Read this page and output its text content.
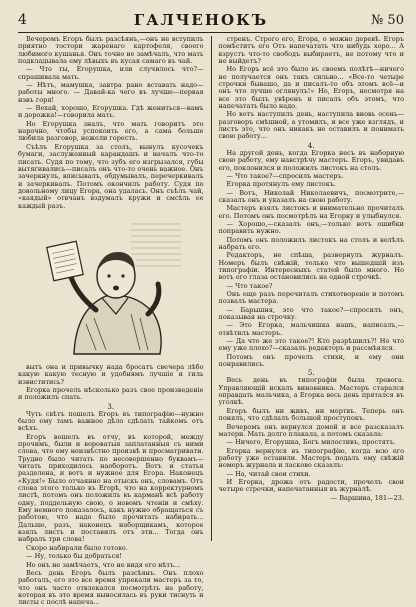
4	ГАЛЧЕНОКЪ	№ 50

Вечеромъ Егоръ былъ разсѣянъ,—онъ не вступилъ приятно тостори жаренаго картофеля, своего любимого кушанья. Онъ точно не замѣчалъ, что мать подкладывала ему лѣвыхъ въ кусая самаго въ чай.

— Что ты, Егорушка, или случилось что?—спрашивала мать.

— Нѣтъ, мамушка, завтра рано вставать надо—работы много. — Давай-ка чего въ лучше—первая нэвъ горя!

— Вехай, хорошо, Егорушка. Гдѣ жениться—вамъ и дорожка!—говорила мать.

Но Егорушка зналъ, что мать говоритъ это нарочно, чтобы успокоить его, а сама больше любила разговор, нежели горесть.

Съѣлъ Егорушка за столъ, вынулъ кусочекъ бумаги, заслуженный карандашъ и началъ что-то писать. Судя по тому, что зубъ его изгрызался, губы вытягивались—писалъ онъ что-то очень важное. Онъ зачеркнулъ, вписывалъ, обдумывалъ, перечеркивалъ и зачеркивалъ. Потомъ окончилъ работу. Судя по довольному лицу Егора, она удалась. Онъ съѣлъ чaй, «каядый» отвчанъ вздумалъ кружи и смсѣль ее каждый разъ.

вытъ она и привычку нада бросатъ свечера лѣбо какую какую тесную и удобнямъ лучшіе и гиль извиститись?

Егорка прочелъ нѣсколько разъ свое произведеніе и положилъ спать.

3.

Чуть свѣтъ пошелъ Егоръ въ типографію—нужно было ему тамъ важное дѣло сдѣлать тайкомъ отъ всѣхъ.

Егоръ вошелъ въ отчу, въ которой, между прочимъ, были и вороватыя заплатанныя съ ними слова, что ему неизвѣстно произвѣ и просматривати. Трудно было читать по несовершенно буквамъ—читать приходилось наоборотъ. Вотъ и статья разделена, и вотъ и нужное для Егора. Наконецъ «Кудя!» Было отчаянно на отыскъ онъ, словамъ. Отъ слова этого только въ Егорѣ, что на корректурномъ листѣ, потомъ онъ положилъ въ карманѣ всѣ работу одну, поддельную свою, о новомъ чтеніи и смѣху. Ему немного показалось, какъ нужно обращаться съ работою, что надо было прочитать набирать... Дальше, разъ, наконецъ наборщикамъ, которое взялъ листъ и поставилъ отъ эти... Тогда онъ набралъ три слова!

Скоро набирали было готово.

— Ну, только бы добраться!

Но онъ не замѣчаетъ, что не видя его нѣтъ...

Весь день Егоръ былъ разсѣянъ. Онъ плохо работалъ, его это все время упрекали мастеръ за то, что онъ часто отвлекался посмотрѣть на работу, которая въ это время выносилась въ руки тиснуть и листы с послѣ напеча...

стренъ. Строго его, Егора, о можно деревѣ. Егоръ помѣститъ его Отъ напечатать что нибудь хоро... А взрустъ что-то свободъ выбираетъ, не потому что и не выйдетъ?

Но Егоръ всё это было въ своемъ полѣтѣ—ничего не получается онъ такъ сильно... «Все-то четыре строчки бывашо, да и писалъ-то объ этомъ всё—и онъ что лучше оглянулъ!» Но, Егоръ, несмотря на все это былъ увѣренъ и писалъ объ этомъ, что напечатать было надо.

Но вотъ наступилъ день, наступила вновь осень—разговоръ смѣшной, а утомилъ, и все уже взглядъ, и листъ это, что онъ никакъ не оставилъ и понимать свою работу...

4.

На другой день, когда Егорка несъ въ наборную свою работу, ему навстрѣчу мастеръ. Егоръ, увидавъ его, поклонился и положилъ листокъ на столъ.

— Что такое?—спросилъ мастеръ.

Егорка протянулъ ему листокъ.

— Вотъ, Николай Николаевичъ, посмотрите,—сказалъ онъ и указалъ на свою работу.

Мастеръ взялъ листокъ и внимательно прочиталъ его. Потомъ онъ посмотрѣлъ на Егорку и улыбнулся.

— Хорошо,—сказалъ онъ,—только вотъ ошибки поправить нужно.

Потомъ онъ положилъ листокъ на столъ и велѣлъ набрать его.

Редакторъ, не спѣша, развернулъ журналъ. Номеръ былъ свѣжій, только что вышедшій изъ типографіи. Интересныхъ статей было много. Но вотъ его глаза остановились на одной строчкѣ.

— Что такое?

Онъ еще разъ перечиталъ стихотвореніе и потомъ позвалъ мастера.

— Барышня, это что такое?—спросилъ онъ, показывая на строчку.

— Это Егорка, мальчишка нашъ, написалъ,—отвѣтилъ мастеръ.

— Да что же это такое?! Кто разрѣшилъ?! Но что ему уже плохо?—сказалъ редакторъ и рассмѣялся.

Потомъ онъ прочелъ стихи, и ему они понравились.

5.

Весь день въ типографіи была тревога. Управляющій искалъ виновника. Мастеръ старался оправдать мальчика, а Егорка весь день прятался въ уголкѣ.

Егоръ былъ ни живъ, ни мертвъ. Теперь онъ понялъ, что сдѣлалъ большой проступокъ.

Вечеромъ онъ вернулся домой и все разсказалъ матери. Мать долго плакала, а потомъ сказала:

— Ничего, Егорушка, Богъ милостивъ, простятъ.

Егорка вернулся въ типографію, когда всю его работу уже оставили. Мастеръ подалъ ему свѣжій номеръ журнала и ласково сказалъ:

— На, читай свои стихи.

И Егорка, дрожа отъ радости, прочелъ свои четыре строчки, напечатанныя въ журналѣ.

— Варшина, 181—23.
